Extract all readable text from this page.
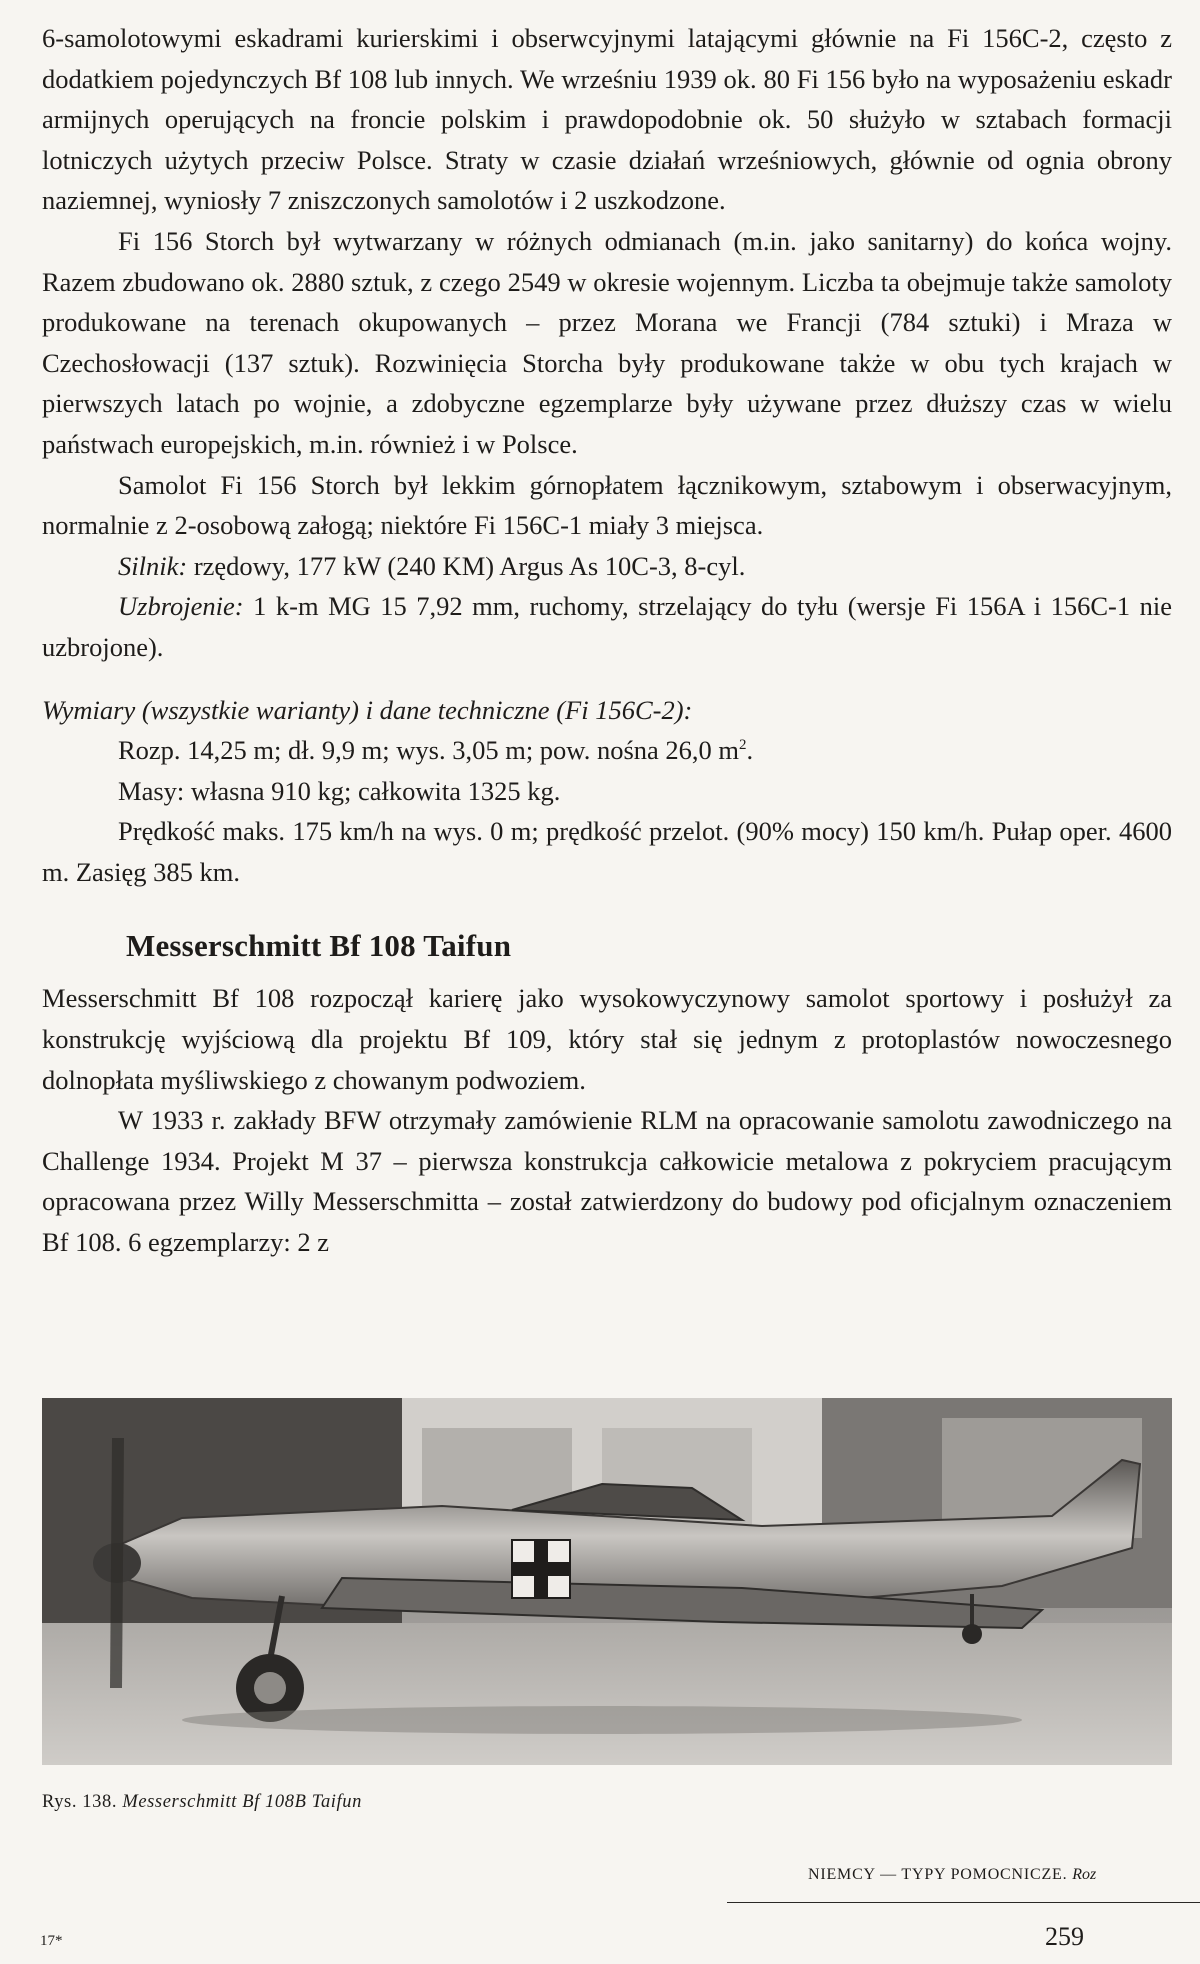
6-samolotowymi eskadrami kurierskimi i obserwcyjnymi latającymi głównie na Fi 156C-2, często z dodatkiem pojedynczych Bf 108 lub innych. We wrześniu 1939 ok. 80 Fi 156 było na wyposażeniu eskadr armijnych operujących na froncie polskim i prawdopodobnie ok. 50 służyło w sztabach formacji lotniczych użytych przeciw Polsce. Straty w czasie działań wrześniowych, głównie od ognia obrony naziemnej, wyniosły 7 zniszczonych samolotów i 2 uszkodzone.

Fi 156 Storch był wytwarzany w różnych odmianach (m.in. jako sanitarny) do końca wojny. Razem zbudowano ok. 2880 sztuk, z czego 2549 w okresie wojennym. Liczba ta obejmuje także samoloty produkowane na terenach okupowanych – przez Morana we Francji (784 sztuki) i Mraza w Czechosłowacji (137 sztuk). Rozwinięcia Storcha były produkowane także w obu tych krajach w pierwszych latach po wojnie, a zdobyczne egzemplarze były używane przez dłuższy czas w wielu państwach europejskich, m.in. również i w Polsce.

Samolot Fi 156 Storch był lekkim górnopłatem łącznikowym, sztabowym i obserwacyjnym, normalnie z 2-osobową załogą; niektóre Fi 156C-1 miały 3 miejsca.

Silnik: rzędowy, 177 kW (240 KM) Argus As 10C-3, 8-cyl.

Uzbrojenie: 1 k-m MG 15 7,92 mm, ruchomy, strzelający do tyłu (wersje Fi 156A i 156C-1 nie uzbrojone).

Wymiary (wszystkie warianty) i dane techniczne (Fi 156C-2):

Rozp. 14,25 m; dł. 9,9 m; wys. 3,05 m; pow. nośna 26,0 $m^2$.

Masy: własna 910 kg; całkowita 1325 kg.

Prędkość maks. 175 km/h na wys. 0 m; prędkość przelot. (90% mocy) 150 km/h. Pułap oper. 4600 m. Zasięg 385 km.

Messerschmitt Bf 108 Taifun

Messerschmitt Bf 108 rozpoczął karierę jako wysokowyczynowy samolot sportowy i posłużył za konstrukcję wyjściową dla projektu Bf 109, który stał się jednym z protoplastów nowoczesnego dolnopłata myśliwskiego z chowanym podwoziem.

W 1933 r. zakłady BFW otrzymały zamówienie RLM na opracowanie samolotu zawodniczego na Challenge 1934. Projekt M 37 – pierwsza konstrukcja całkowicie metalowa z pokryciem pracującym opracowana przez Willy Messerschmitta – został zatwierdzony do budowy pod oficjalnym oznaczeniem Bf 108. 6 egzemplarzy: 2 z

Rys. 138. Messerschmitt Bf 108B Taifun
NIEMCY — TYPY POMOCNICZE. Roz
17*	259
